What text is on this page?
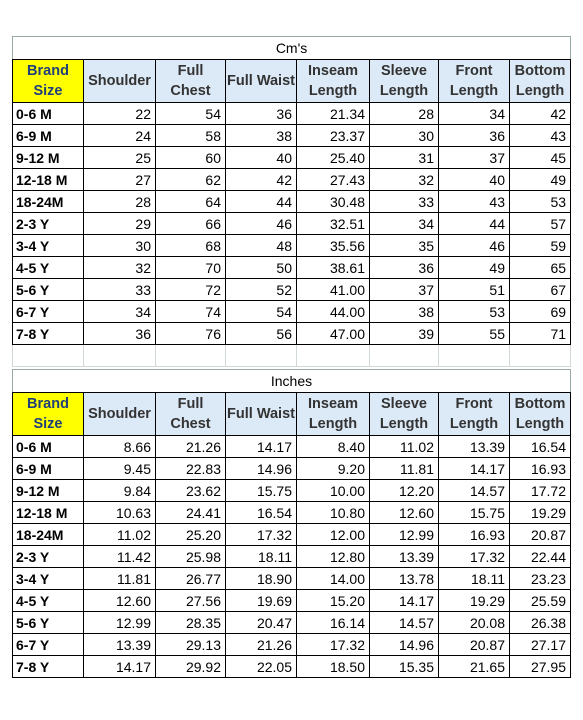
Cm's							
Brand Size	Shoulder	Full Chest	Full Waist	Inseam Length	Sleeve Length	Front Length	Bottom Length
0-6 M	22	54	36	21.34	28	34	42
6-9 M	24	58	38	23.37	30	36	43
9-12 M	25	60	40	25.40	31	37	45
12-18 M	27	62	42	27.43	32	40	49
18-24M	28	64	44	30.48	33	43	53
2-3 Y	29	66	46	32.51	34	44	57
3-4 Y	30	68	48	35.56	35	46	59
4-5 Y	32	70	50	38.61	36	49	65
5-6 Y	33	72	52	41.00	37	51	67
6-7 Y	34	74	54	44.00	38	53	69
7-8 Y	36	76	56	47.00	39	55	71

Inches							
Brand Size	Shoulder	Full Chest	Full Waist	Inseam Length	Sleeve Length	Front Length	Bottom Length
0-6 M	8.66	21.26	14.17	8.40	11.02	13.39	16.54
6-9 M	9.45	22.83	14.96	9.20	11.81	14.17	16.93
9-12 M	9.84	23.62	15.75	10.00	12.20	14.57	17.72
12-18 M	10.63	24.41	16.54	10.80	12.60	15.75	19.29
18-24M	11.02	25.20	17.32	12.00	12.99	16.93	20.87
2-3 Y	11.42	25.98	18.11	12.80	13.39	17.32	22.44
3-4 Y	11.81	26.77	18.90	14.00	13.78	18.11	23.23
4-5 Y	12.60	27.56	19.69	15.20	14.17	19.29	25.59
5-6 Y	12.99	28.35	20.47	16.14	14.57	20.08	26.38
6-7 Y	13.39	29.13	21.26	17.32	14.96	20.87	27.17
7-8 Y	14.17	29.92	22.05	18.50	15.35	21.65	27.95
